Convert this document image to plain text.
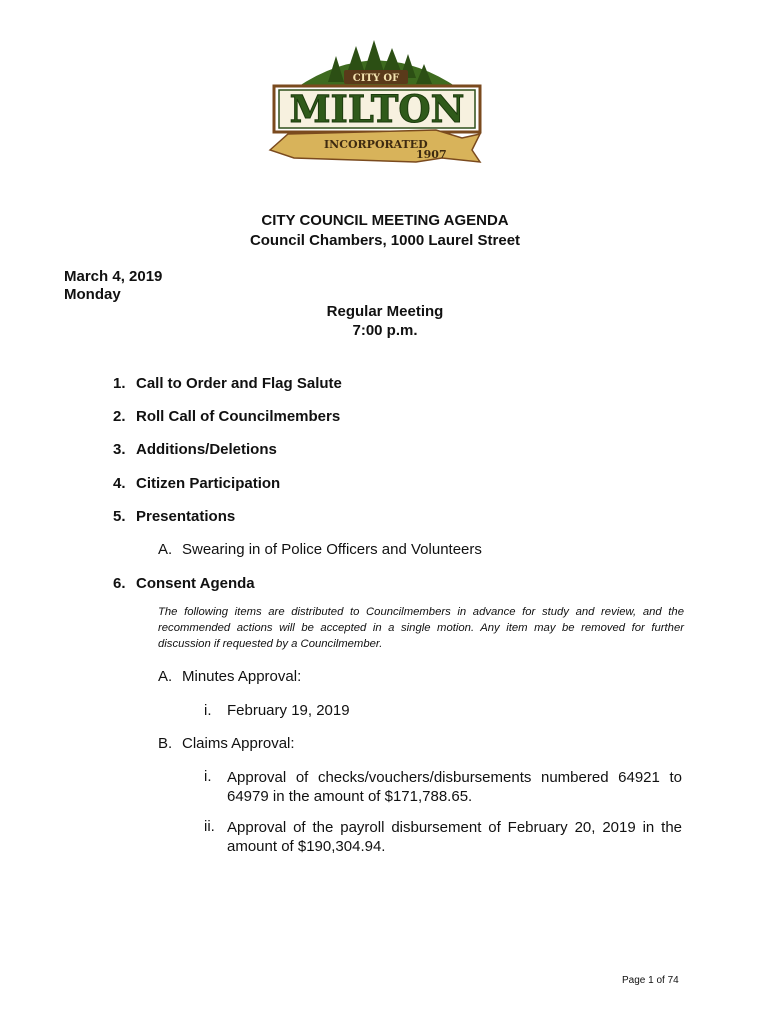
CITY OF
MILTON
INCORPORATED
1907
CITY COUNCIL MEETING AGENDA
Council Chambers, 1000 Laurel Street
March 4, 2019
Monday
Regular Meeting
7:00 p.m.
1. Call to Order and Flag Salute
2. Roll Call of Councilmembers
3. Additions/Deletions
4. Citizen Participation
5. Presentations
A. Swearing in of Police Officers and Volunteers
6. Consent Agenda
The following items are distributed to Councilmembers in advance for study and review, and the recommended actions will be accepted in a single motion. Any item may be removed for further discussion if requested by a Councilmember.
A. Minutes Approval:
i. February 19, 2019
B. Claims Approval:
i.	Approval of checks/vouchers/disbursements numbered 64921 to 64979 in the amount of $171,788.65.
ii. Approval of the payroll disbursement of February 20, 2019 in the amount of $190,304.94.
Page 1 of 74
